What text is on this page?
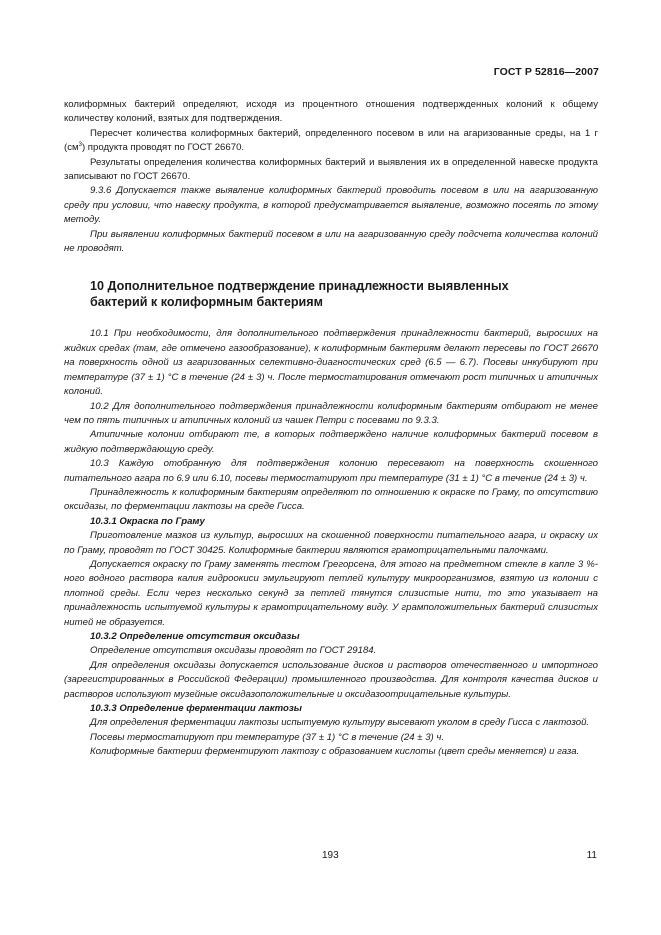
ГОСТ Р 52816—2007

колиформных бактерий определяют, исходя из процентного отношения подтвержденных колоний к общему количеству колоний, взятых для подтверждения.

Пересчет количества колиформных бактерий, определенного посевом в или на агаризованные среды, на 1 г $(см^3)$ продукта проводят по ГОСТ 26670.

Результаты определения количества колиформных бактерий и выявления их в определенной навеске продукта записывают по ГОСТ 26670.

9.3.6 Допускается также выявление колиформных бактерий проводить посевом в или на агаризованную среду при условии, что навеску продукта, в которой предусматривается выявление, возможно посеять по этому методу.

При выявлении колиформных бактерий посевом в или на агаризованную среду подсчета количества колоний не проводят.

10 Дополнительное подтверждение принадлежности выявленных
бактерий к колиформным бактериям

10.1 При необходимости, для дополнительного подтверждения принадлежности бактерий, выросших на жидких средах (там, где отмечено газообразование), к колиформным бактериям делают пересевы по ГОСТ 26670 на поверхность одной из агаризованных селективно-диагностических сред (6.5 — 6.7). Посевы инкубируют при температуре (37 ± 1) °С в течение (24 ± 3) ч. После термостатирования отмечают рост типичных и атипичных колоний.

10.2 Для дополнительного подтверждения принадлежности колиформным бактериям отбирают не менее чем по пять типичных и атипичных колоний из чашек Петри с посевами по 9.3.3.

Атипичные колонии отбирают те, в которых подтверждено наличие колиформных бактерий посевом в жидкую подтверждающую среду.

10.3 Каждую отобранную для подтверждения колонию пересевают на поверхность скошенного питательного агара по 6.9 или 6.10, посевы термостатируют при температуре (31 ± 1) °С в течение (24 ± 3) ч.

Принадлежность к колиформным бактериям определяют по отношению к окраске по Граму, по отсутствию оксидазы, по ферментации лактозы на среде Гисса.

10.3.1 Окраска по Граму

Приготовление мазков из культур, выросших на скошенной поверхности питательного агара, и окраску их по Граму, проводят по ГОСТ 30425. Колиформные бактерии являются грамотрицательными палочками.

Допускается окраску по Граму заменять тестом Грегорсена, для этого на предметном стекле в капле 3 %-ного водного раствора калия гидроокиси эмульгируют петлей культуру микроорганизмов, взятую из колонии с плотной среды. Если через несколько секунд за петлей тянутся слизистые нити, то это указывает на принадлежность испытуемой культуры к грамотрицательному виду. У грамположительных бактерий слизистых нитей не образуется.

10.3.2 Определение отсутствия оксидазы

Определение отсутствия оксидазы проводят по ГОСТ 29184.

Для определения оксидазы допускается использование дисков и растворов отечественного и импортного (зарегистрированных в Российской Федерации) промышленного производства. Для контроля качества дисков и растворов используют музейные оксидазоположительные и оксидазоотрицательные культуры.

10.3.3 Определение ферментации лактозы

Для определения ферментации лактозы испытуемую культуру высевают уколом в среду Гисса с лактозой.

Посевы термостатируют при температуре (37 ± 1) °С в течение (24 ± 3) ч.

Колиформные бактерии ферментируют лактозу с образованием кислоты (цвет среды меняется) и газа.

193	11
